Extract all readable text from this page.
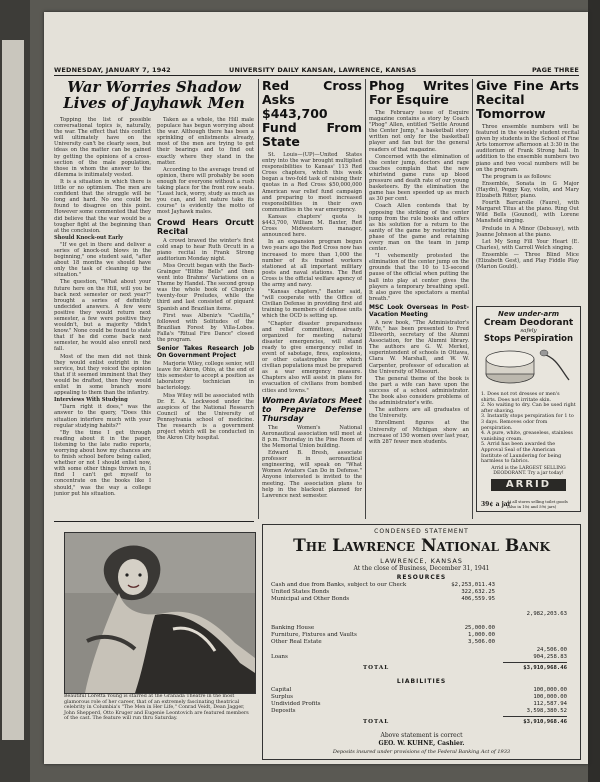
WEDNESDAY, JANUARY 7, 1942	UNIVERSITY DAILY KANSAN, LAWRENCE, KANSAS	PAGE THREE
War Worries Shadow Lives of Jayhawk Men

Topping the list of possible conversational topics is, naturally, the war. The effect that this conflict will ultimately have on the University can't be clearly seen, but ideas on the matter can be gained by getting the opinions of a cross-section of the male population, those in whom the answer to the dilemma is initimately vested.

It is a situation in which there is little or no optimism. The men are confident that the struggle will be long and hard. No one could be found to disagree on this point. However some commented that they did believe that the war would be a tougher fight at the beginning than at the conclusion.

Should Knock-out Early

"If we get in there and deliver a series of knock-out blows in the beginning," one student said, "after about 18 months we should have only the task of cleaning up the situation."

The question, "What about your future here on the Hill, will you be back next semester or next year?" brought a series of definitely undecided answers. A few were positive they would return next semester, a few were positive they wouldn't, but a majority "didn't know." None could be found to state that if he did come back next semester, he would also enroll next fall.

Most of the men did not think they would enlist outright in the service, but they voiced the opinion that if it seemed imminent that they would be drafted, then they would enlist in some branch more appealing to them than the infantry.

Interviews With Studying

"Darn right it does," was the answer to the query, "Does this situation interfere much with your regular studying habits?"

"By the time I get through reading about it in the paper, listening to the late radio reports, worrying about how my chances are to finish school before being called, whether or not I should enlist now, with some other things thrown in, I find I can't get myself to concentrate on the books like I should," was the way a college junior put his situation.

Taken as a whole, the Hill male populace has begun worrying about the war. Although there has been a sprinkling of enlistments already, most of the men are trying to get their bearings and to find out exactly where they stand in the matter.

According to the average trend of opinion, there will probably be soon enough for everyone without a rush taking place for the front row seats. "Least luck, worry, study as much as you can, and let nature take its course" is evidently the motto of most Jayhawk males.

Crowd Hears Orcutt Recital

A crowd braved the winter's first cold snap to hear Ruth Orcutt in a piano recital in Frank Strong auditorium Monday night.

Miss Orcutt began with the Bach-Grainger "Blithe Bells" and then went into Brahms' Variations on a Theme by Handel. The second group was the whole book of Chopin's twenty-four Preludes, while the third and last consisted of piquant Spanish and Brazilian items.

First was Albeniz's "Castilla," followed with Solitudes of the Brazilian Forest by Villa-Lobos. Falla's "Ritual Fire Dance" closed the program.

Senior Takes Research Job On Government Project

Marjorie Wiley, college senior, will leave for Akron, Ohio, at the end of this semester to accept a position as laboratory technician in bacteriology.

Miss Wiley will be associated with Dr. E. A. Lockwood under the auspices of the National Research Council of the University of Pennsylvania school of medicine. The research is a government project which will be conducted in the Akron City hospital.

Red Cross Asks $443,700 Fund From State

St. Louis—(UP)—United States entry into the war brought multiplied responsibilities to Kansas' 113 Red Cross chapters, which this week began a two-fold task of raising their quotas in a Red Cross $50,000,000 American war relief fund campaign and preparing to meet increased responsibilities in their own communities in the war emergency.

Kansas chapters' quota is $443,700, William M. Baxter, Red Cross Midwestern manager, announced here.

In an expansion program begun two years ago the Red Cross now has increased to more than 1,000 the number of its trained workers stationed at all important military posts and naval stations. The Red Cross is the official welfare agency of the army and navy.

"Kansas chapters," Baxter said, "will cooperate with the Office of Civilian Defense in providing first aid training to members of defense units which the OCD is setting up.

"Chapter disaster preparedness and relief committees, already organized for meeting natural disaster emergencies, will stand ready to give emergency relief in event of sabotage, fires, explosions, or other catastrophes for which civilian populations must be prepared as a war emergency measure. Chapters also will assist in plans for evacuation of civilians from bombed cities and towns."

Women Aviators Meet to Prepare Defense Thursday

The Women's National Aeronautical association will meet at 8 p.m. Thursday in the Pine Room of the Memorial Union building.

Edward B. Bresh, associate professor in aeronautical engineering, will speak on "What Women Aviators Can Do in Defense." Anyone interested is invited to the meeting. The association plans to help in the blackout planned for Lawrence next semester.

Phog Writes For Esquire

The February issue of Esquire magazine contains a story by Coach "Phog" Allen, entitled "Settle Around the Center Jump," a basketball story written not only for the basketball player and fan but for the general readers of that magazine.

Concerned with the elimination of the center jump, doctors and rage coaches complain that the new whirlwind game runs up blood pressure and death rate of our young basketeers. By the elimination the game has been speeded up as much as 30 per cent.

Coach Allen contends that by opposing the striking of the center jump from the rule books and offers as his solution for a return to the sanity of the game by restoring this phase of the game and retaining every man on the team in jump center.

"I vehemently protested the elimination of the center jump on the grounds that the 10 to 13-second pause of the official when putting the ball into play at center gives the players a temporary breathing spell. It also gave the spectators a mental breath."

MSC Look Overseas In Post-Vacation Meeting

A new book, "The Administrator's Wife," has been presented to Fred Ellsworth, secretary of the Alumni Association, for the Alumni library. The authors are G. W. Merkel, superintendent of schools in Ottawa, Clara W. Marshall, and W. W. Carpenter, professor of education at the University of Missouri.

The general theme of the book is the part a wife can have upon the success of a school administrator. The book also considers problems of the administrator's wife.

The authors are all graduates of the University.

Enrollment figures at the University of Michigan show an increase of 150 women over last year, with 287 fewer men students.

Give Fine Arts Recital Tomorrow

Three ensemble numbers will be featured in the weekly student recital given by students in the School of Fine Arts tomorrow afternoon at 3:30 in the auditorium of Frank Strong hall. In addition to the ensemble numbers two piano and two vocal numbers will be on the program.

The program is as follows:

Ensemble, Sonata in G Major (Haydn), Peggy Kay, violin, and Mary Elizabeth Ritter, piano.

Fourth Barcarolle (Faure), with Margaret Titus at the piano. Ring Out Wild Bells (Gounod), with Lorene Mansfield singing.

Prelude in A Minor (Debussy), with Joanne Johnson at the piano.

Let My Song Fill Your Heart (E. Charles), with Carroll Welch singing.

Ensemble — Three Blind Mice (Elizabeth Gest), and Play Fiddle Play (Marion Gould).

New under-arm
Cream Deodorant
safely
Stops Perspiration
1. Does not rot dresses or men's shirts. Does not irritate skin.
2. No waiting to dry. Can be used right after shaving.
3. Instantly stops perspiration for 1 to 3 days. Removes odor from perspiration.
4. A pure, white, greaseless, stainless vanishing cream.
5. Arrid has been awarded the Approval Seal of the American Institute of Laundering for being harmless to fabrics.
Arrid is the LARGEST SELLING DEODORANT. Try a jar today!
ARRID
39¢ a jar
At all stores selling toilet goods (also in 10¢ and 59¢ jars)
Beautiful Loretta Young is starred at the Granada Theatre in the most glamorous role of her career, that of an extremely fascinating theatrical celebrity in Columbia's "The Men in Her Life," Conrad Veidt, Dean Jagger, John Shepperd, Otto Kruger and Eugenie Leontovich are featured members of the cast. The feature will run thru Saturday.
CONDENSED STATEMENT
The Lawrence National Bank
LAWRENCE, KANSAS
At the close of Business, December 31, 1941
RESOURCES
Cash and due from Banks, subject to our Check	$2,253,011.43
United States Bonds	322,632.25
Municipal and Other Bonds	406,559.95
2,982,203.63
Banking House	25,000.00
Furniture, Fixtures and Vaults	1,000.00
Other Real Estate	3,506.00
24,506.00
Loans	904,258.83
TOTAL	$3,910,968.46
LIABILITIES
Capital	100,000.00
Surplus	100,000.00
Undivided Profits	112,587.94
Deposits	3,598,380.52
TOTAL	$3,910,968.46
Above statement is correct
GEO. W. KUHNE, Cashier.
Deposits insured under provisions of the Federal Banking Act of 1933
